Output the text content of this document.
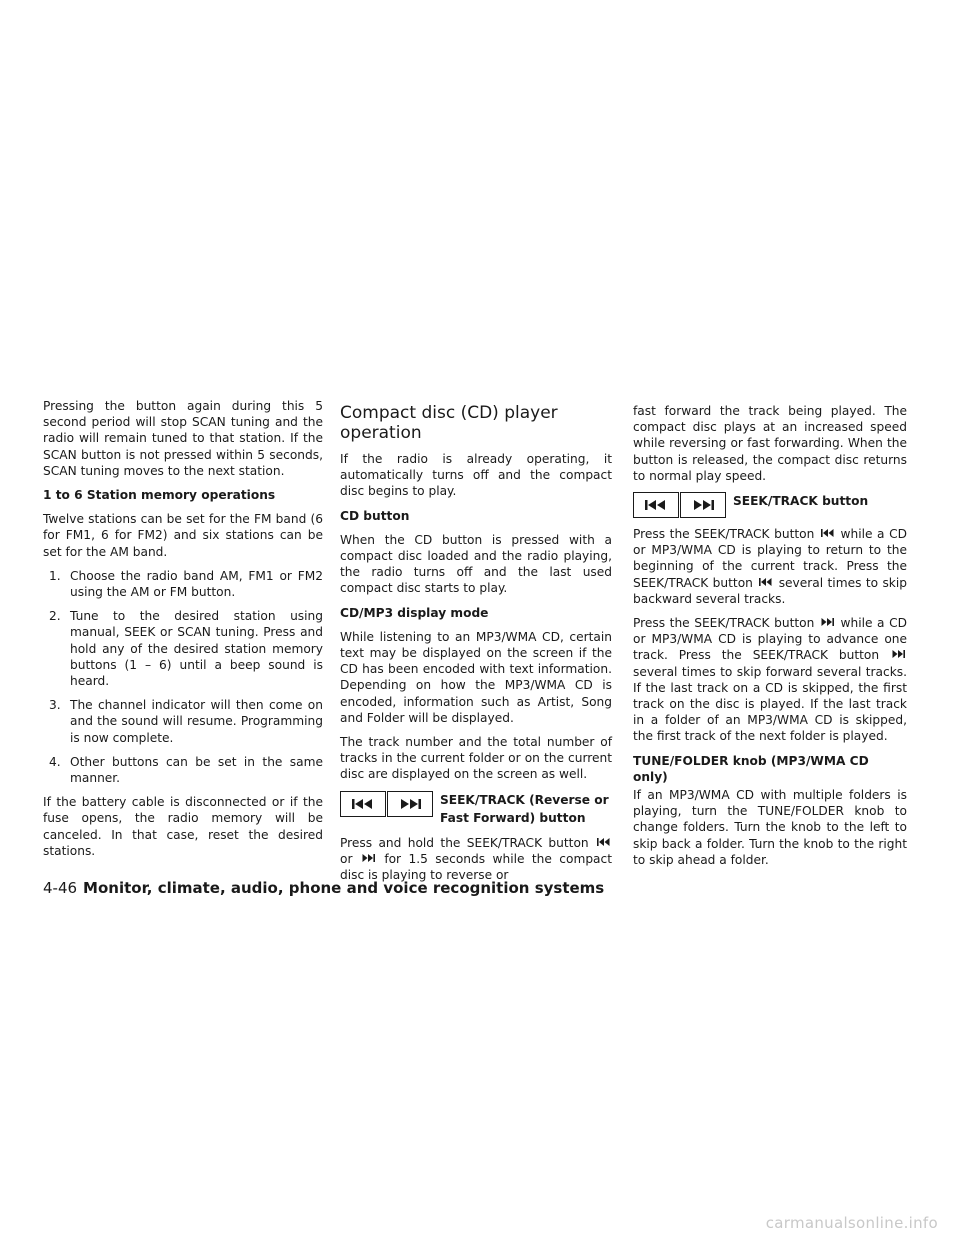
Pressing the button again during this 5 second period will stop SCAN tuning and the radio will remain tuned to that station. If the SCAN button is not pressed within 5 seconds, SCAN tuning moves to the next station.

1 to 6 Station memory operations

Twelve stations can be set for the FM band (6 for FM1, 6 for FM2) and six stations can be set for the AM band.

1. Choose the radio band AM, FM1 or FM2 using the AM or FM button.
2. Tune to the desired station using manual, SEEK or SCAN tuning. Press and hold any of the desired station memory buttons (1 – 6) until a beep sound is heard.
3. The channel indicator will then come on and the sound will resume. Programming is now complete.
4. Other buttons can be set in the same manner.

If the battery cable is disconnected or if the fuse opens, the radio memory will be canceled. In that case, reset the desired stations.

Compact disc (CD) player operation

If the radio is already operating, it automatically turns off and the compact disc begins to play.

CD button

When the CD button is pressed with a compact disc loaded and the radio playing, the radio turns off and the last used compact disc starts to play.

CD/MP3 display mode

While listening to an MP3/WMA CD, certain text may be displayed on the screen if the CD has been encoded with text information. Depending on how the MP3/WMA CD is encoded, information such as Artist, Song and Folder will be displayed.

The track number and the total number of tracks in the current folder or on the current disc are displayed on the screen as well.

SEEK/TRACK (Reverse or
Fast Forward) button

Press and hold the SEEK/TRACK button  or	for 1.5 seconds while the compact disc is playing to reverse or

fast forward the track being played. The compact disc plays at an increased speed while reversing or fast forwarding. When the button is released, the compact disc returns to normal play speed.

SEEK/TRACK button

Press the SEEK/TRACK button while a CD or MP3/WMA CD is playing to return to the beginning of the current track. Press the SEEK/TRACK button several times to skip backward several tracks.

Press the SEEK/TRACK button while a CD or MP3/WMA CD is playing to advance one track. Press the SEEK/TRACK button  several times to skip forward several tracks. If the last track on a CD is skipped, the first track on the disc is played. If the last track in a folder of an MP3/WMA CD is skipped, the first track of the next folder is played.

TUNE/FOLDER knob (MP3/WMA CD only)

If an MP3/WMA CD with multiple folders is playing, turn the TUNE/FOLDER knob to change folders. Turn the knob to the left to skip back a folder. Turn the knob to the right to skip ahead a folder.

4-46 Monitor, climate, audio, phone and voice recognition systems
carmanualsonline.info
